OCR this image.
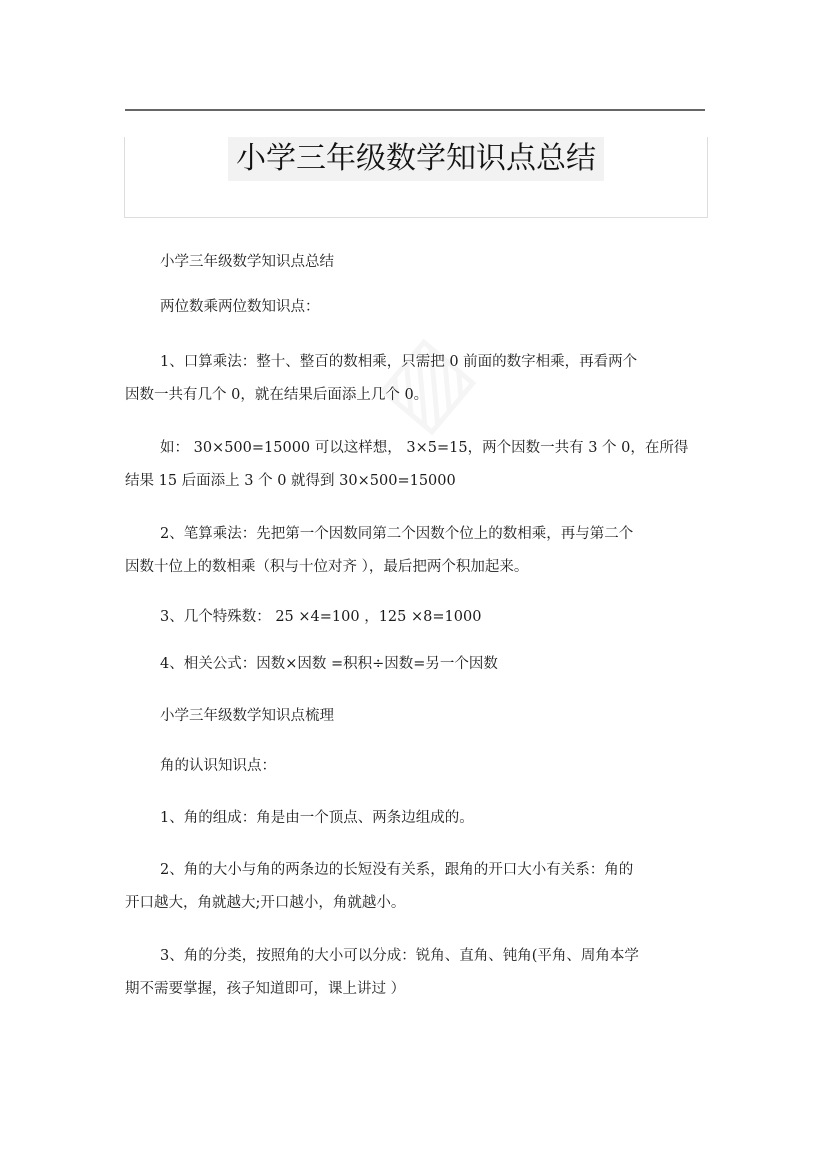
小学三年级数学知识点总结
小学三年级数学知识点总结
两位数乘两位数知识点：
1、口算乘法：整十、整百的数相乘，只需把 0 前面的数字相乘，再看两个
因数一共有几个 0，就在结果后面添上几个 0。
如： 30×500=15000 可以这样想， 3×5=15，两个因数一共有 3 个 0，在所得
结果 15 后面添上 3 个 0 就得到 30×500=15000
2、笔算乘法：先把第一个因数同第二个因数个位上的数相乘，再与第二个
因数十位上的数相乘（积与十位对齐 ），最后把两个积加起来。
3、几个特殊数： 25 ×4=100 ，125 ×8=1000
4、相关公式：因数×因数 =积积÷因数=另一个因数
小学三年级数学知识点梳理
角的认识知识点：
1、角的组成：角是由一个顶点、两条边组成的。
2、角的大小与角的两条边的长短没有关系，跟角的开口大小有关系：角的
开口越大，角就越大;开口越小，角就越小。
3、角的分类，按照角的大小可以分成：锐角、直角、钝角(平角、周角本学
期不需要掌握，孩子知道即可，课上讲过 ）
